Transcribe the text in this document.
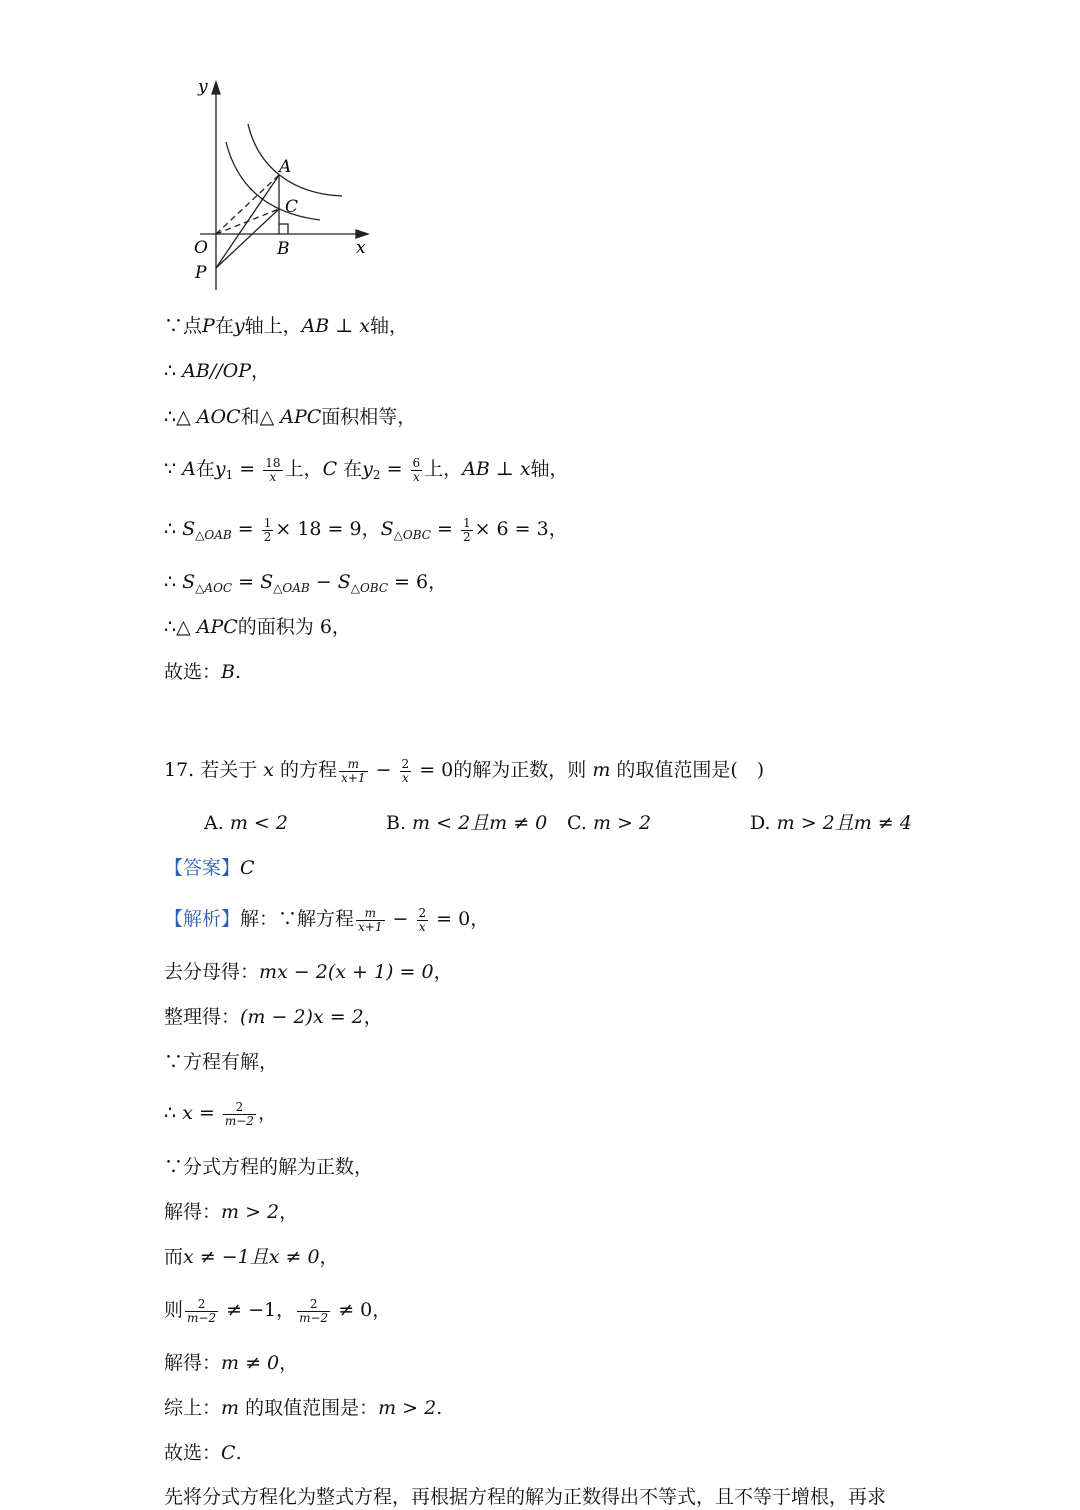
y
x
O
P
A
C
B
∵点P在y轴上，AB ⊥ x轴，
∴ AB//OP，
∴△ AOC和△ APC面积相等，
∵ A在$y_1 = \frac{18}{x}$ 上，C 在$y_2 = \frac{6}{x}$ 上，AB ⊥ x轴，
∴ $S_{\triangle OAB} = \frac{1}{2} \times 18 = 9$，$S_{\triangle OBC} = \frac{1}{2} \times 6 = 3$，
∴ $S_{\triangle AOC} = S_{\triangle OAB} - S_{\triangle OBC} = 6$，
∴△ APC的面积为 6，
故选：B.
17. 若关于 x 的方程 $\frac{m}{x+1} - \frac{2}{x} = 0$的解为正数，则 m 的取值范围是(　)
A. m < 2	B. m < 2且m ≠ 0 C. m > 2	D. m > 2且m ≠ 4
【答案】C
【解析】解：∵解方程 $\frac{m}{x+1} - \frac{2}{x} = 0$，
去分母得：mx − 2(x + 1) = 0，
整理得：(m − 2)x = 2，
∵方程有解，
∴ $x = \frac{2}{m-2}$ ，
∵分式方程的解为正数，
解得：m > 2，
而x ≠ −1且x ≠ 0，
则 $\frac{2}{m-2} \ne -1$， $\frac{2}{m-2} \ne 0$，
解得：m ≠ 0，
综上：m 的取值范围是：m > 2.
故选：C.
先将分式方程化为整式方程，再根据方程的解为正数得出不等式，且不等于增根，再求
